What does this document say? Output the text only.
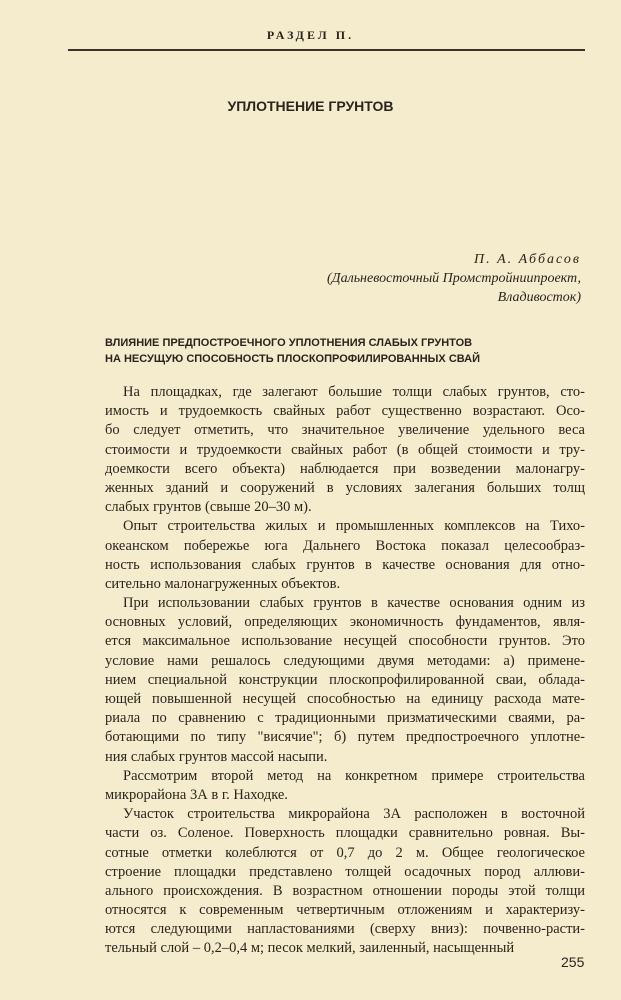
РАЗДЕЛ П.
УПЛОТНЕНИЕ ГРУНТОВ
П. А. Аббасов
(Дальневосточный Промстройниипроект,
Владивосток)
ВЛИЯНИЕ ПРЕДПОСТРОЕЧНОГО УПЛОТНЕНИЯ СЛАБЫХ ГРУНТОВ
НА НЕСУЩУЮ СПОСОБНОСТЬ ПЛОСКОПРОФИЛИРОВАННЫХ СВАЙ
На площадках, где залегают большие толщи слабых грунтов, сто-
имость и трудоемкость свайных работ существенно возрастают. Осо-
бо следует отметить, что значительное увеличение удельного веса
стоимости и трудоемкости свайных работ (в общей стоимости и тру-
доемкости всего объекта) наблюдается при возведении малонагру-
женных зданий и сооружений в условиях залегания больших толщ
слабых грунтов (свыше 20–30 м).
Опыт строительства жилых и промышленных комплексов на Тихо-
океанском побережье юга Дальнего Востока показал целесообраз-
ность использования слабых грунтов в качестве основания для отно-
сительно малонагруженных объектов.
При использовании слабых грунтов в качестве основания одним из
основных условий, определяющих экономичность фундаментов, явля-
ется максимальное использование несущей способности грунтов. Это
условие нами решалось следующими двумя методами: а) примене-
нием специальной конструкции плоскопрофилированной сваи, облада-
ющей повышенной несущей способностью на единицу расхода мате-
риала по сравнению с традиционными призматическими сваями, ра-
ботающими по типу "висячие"; б) путем предпостроечного уплотне-
ния слабых грунтов массой насыпи.
Рассмотрим второй метод на конкретном примере строительства
микрорайона 3А в г. Находке.
Участок строительства микрорайона 3А расположен в восточной
части оз. Соленое. Поверхность площадки сравнительно ровная. Вы-
сотные отметки колеблются от 0,7 до 2 м. Общее геологическое
строение площадки представлено толщей осадочных пород аллюви-
ального происхождения. В возрастном отношении породы этой толщи
относятся к современным четвертичным отложениям и характеризу-
ются следующими напластованиями (сверху вниз): почвенно-расти-
тельный слой – 0,2–0,4 м; песок мелкий, заиленный, насыщенный
255
